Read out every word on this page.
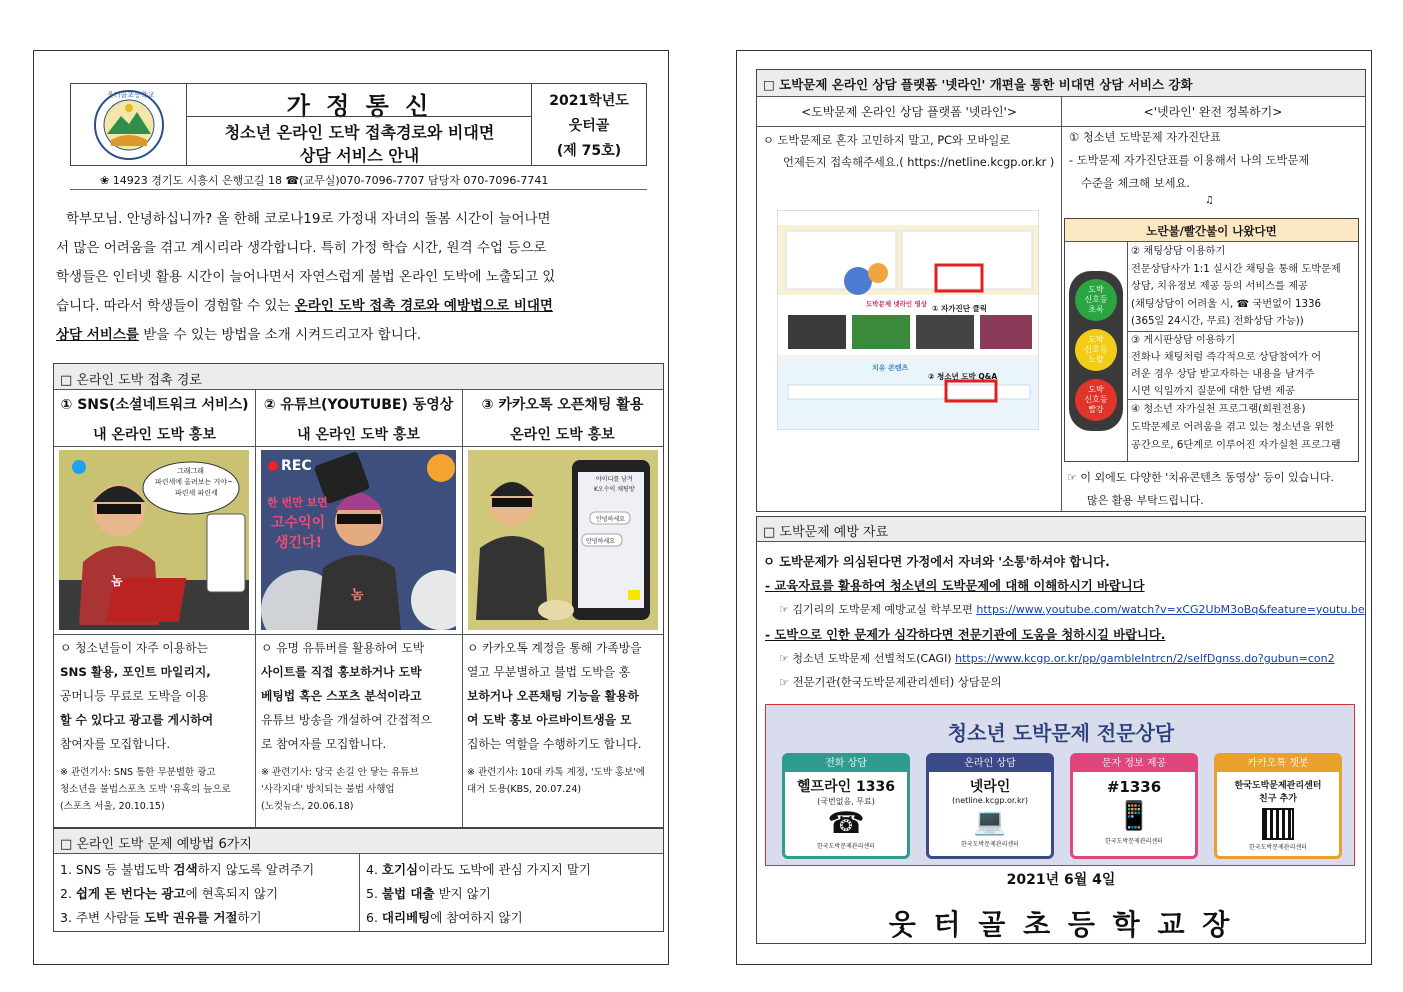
웃터골초등학교	가 정 통 신
청소년 온라인 도박 접촉경로와 비대면
상담 서비스 안내
2021학년도
웃터골
(제 75호)
❀ 14923 경기도 시흥시 은행고길 18 ☎(교무실)070-7096-7707 담당자 070-7096-7741
학부모님. 안녕하십니까? 올 한해 코로나19로 가정내 자녀의 돌봄 시간이 늘어나면
서 많은 어려움을 겪고 계시리라 생각합니다. 특히 가정 학습 시간, 원격 수업 등으로
학생들은 인터넷 활용 시간이 늘어나면서 자연스럽게 불법 온라인 도박에 노출되고 있
습니다. 따라서 학생들이 경험할 수 있는 온라인 도박 접촉 경로와 예방법으로 비대면
상담 서비스를 받을 수 있는 방법을 소개 시켜드리고자 합니다.
□ 온라인 도박 접촉 경로
① SNS(소셜네트워크 서비스)
내 온라인 도박 홍보
② 유튜브(YOUTUBE) 동영상
내 온라인 도박 홍보
③ 카카오톡 오픈채팅 활용
온라인 도박 홍보
그래그래
파린세에 올려보는 거야~
파린세 파린세
놈
REC
한 번만 보면
고수익이
생긴다!
놈
아이디를 남겨
K오수익 채팅방
안녕하세요
안녕하세요
ㅇ 청소년들이 자주 이용하는
SNS 활용, 포인트 마일리지,
공머니등 무료로 도박을 이용
할 수 있다고 광고를 게시하여
참여자를 모집합니다.
ㅇ 유명 유튜버를 활용하여 도박
사이트를 직접 홍보하거나 도박
베팅법 혹은 스포츠 분석이라고
유튜브 방송을 개설하여 간접적으
로 참여자를 모집합니다.
ㅇ 카카오톡 계정을 통해 가족방을
열고 무분별하고 불법 도박을 홍
보하거나 오픈채팅 기능을 활용하
여 도박 홍보 아르바이트생을 모
집하는 역할을 수행하기도 합니다.
※ 관련기사: SNS 통한 무분별한 광고
청소년을 불법스포츠 도박 '유혹의 늪으로
(스포츠 서울, 20.10.15)
※ 관련기사: 당국 손길 안 닿는 유튜브
'사각지대' 방치되는 불법 사행업
(노컷뉴스, 20.06.18)
※ 관련기사: 10대 카톡 계정, '도박 홍보'에
대거 도용(KBS, 20.07.24)
□ 온라인 도박 문제 예방법 6가지
1. SNS 등 불법도박 검색하지 않도록 알려주기
2. 쉽게 돈 번다는 광고에 현혹되지 않기
3. 주변 사람들 도박 권유를 거절하기
4. 호기심이라도 도박에 관심 가지지 말기
5. 불법 대출 받지 않기
6. 대리베팅에 참여하지 않기
□ 도박문제 온라인 상담 플랫폼 '넷라인' 개편을 통한 비대면 상담 서비스 강화
<도박문제 온라인 상담 플랫폼 '넷라인'>	<'넷라인' 완전 정복하기>
ㅇ 도박문제로 혼자 고민하지 말고, PC와 모바일로
언제든지 접속해주세요.( https://netline.kcgp.or.kr )
① 자가진단 클릭
도박문제 넷라인 영상
치유 콘텐츠
② 청소년 도박 Q&A
① 청소년 도박문제 자가진단표
- 도박문제 자가진단표를 이용해서 나의 도박문제
수준을 체크해 보세요.
♫
노란불/빨간불이 나왔다면
도박
신호등
초록
도박
신호등
노랑
도박
신호등
빨강
② 채팅상담 이용하기
전문상담사가 1:1 실시간 채팅을 통해 도박문제
상담, 치유정보 제공 등의 서비스를 제공
(채팅상담이 어려울 시, ☎ 국번없이 1336
(365일 24시간, 무료) 전화상담 가능))
③ 게시판상담 이용하기
전화나 채팅처럼 즉각적으로 상담참여가 어
려운 경우 상담 받고자하는 내용을 남겨주
시면 익일까지 질문에 대한 답변 제공
④ 청소년 자가실천 프로그램(회원전용)
도박문제로 어려움을 겪고 있는 청소년을 위한
공간으로, 6단계로 이루어진 자가실천 프로그램
☞ 이 외에도 다양한 '치유콘텐츠 동영상' 등이 있습니다.
많은 활용 부탁드립니다.
□ 도박문제 예방 자료
ㅇ 도박문제가 의심된다면 가정에서 자녀와 '소통'하셔야 합니다.
- 교육자료를 활용하여 청소년의 도박문제에 대해 이해하시기 바랍니다
☞ 김기리의 도박문제 예방교실 학부모편 https://www.youtube.com/watch?v=xCG2UbM3oBq&feature=youtu.be
- 도박으로 인한 문제가 심각하다면 전문기관에 도움을 청하시길 바랍니다.
☞ 청소년 도박문제 선별척도(CAGI) https://www.kcgp.or.kr/pp/gambleIntrcn/2/selfDgnss.do?gubun=con2
☞ 전문기관(한국도박문제관리센터) 상담문의
청소년 도박문제 전문상담
전화 상담
헬프라인 1336
(국번없음, 무료)
☎
한국도박문제관리센터
온라인 상담
넷라인
(netline.kcgp.or.kr)
💻
한국도박문제관리센터
문자 정보 제공
#1336
📱
한국도박문제관리센터
카카오톡 챗봇
한국도박문제관리센터
친구 추가
한국도박문제관리센터
2021년 6월 4일
웃 터 골 초 등 학 교 장
